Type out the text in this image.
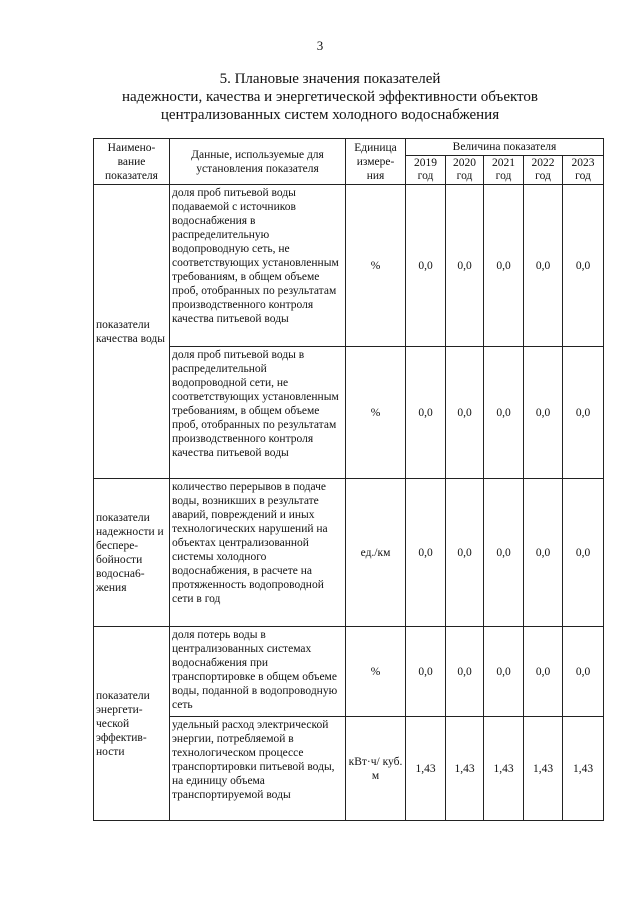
3
5. Плановые значения показателей
надежности, качества и энергетической эффективности объектов
централизованных систем холодного водоснабжения
Наимено- вание показателя	Данные, используемые для установления показателя	Единица измере- ния	Величина показателя				
			2019 год	2020 год	2021 год	2022 год	2023 год
показатели качества воды	доля проб питьевой воды подаваемой с источников водоснабжения в распределительную водопроводную сеть, не соответствующих установленным требованиям, в общем объеме проб, отобранных по результатам производственного контроля качества питьевой воды	%	0,0	0,0	0,0	0,0	0,0
	доля проб питьевой воды в распределительной водопроводной сети, не соответствующих установленным требованиям, в общем объеме проб, отобранных по результатам производственного контроля качества питьевой воды	%	0,0	0,0	0,0	0,0	0,0
показатели надежности и беспере- бойности водосна6- жения	количество перерывов в подаче воды, возникших в результате аварий, повреждений и иных технологических нарушений на объектах централизованной системы холодного водоснабжения, в расчете на протяженность водопроводной сети в год	ед./км	0,0	0,0	0,0	0,0	0,0
показатели энергети- ческой эффектив- ности	доля потерь воды в централизованных системах водоснабжения при транспортировке в общем объеме воды, поданной в водопроводную сеть	%	0,0	0,0	0,0	0,0	0,0
	удельный расход электрической энергии, потребляемой в технологическом процессе транспортировки питьевой воды, на единицу объема транспортируемой воды	кВт·ч/ куб. м	1,43	1,43	1,43	1,43	1,43
